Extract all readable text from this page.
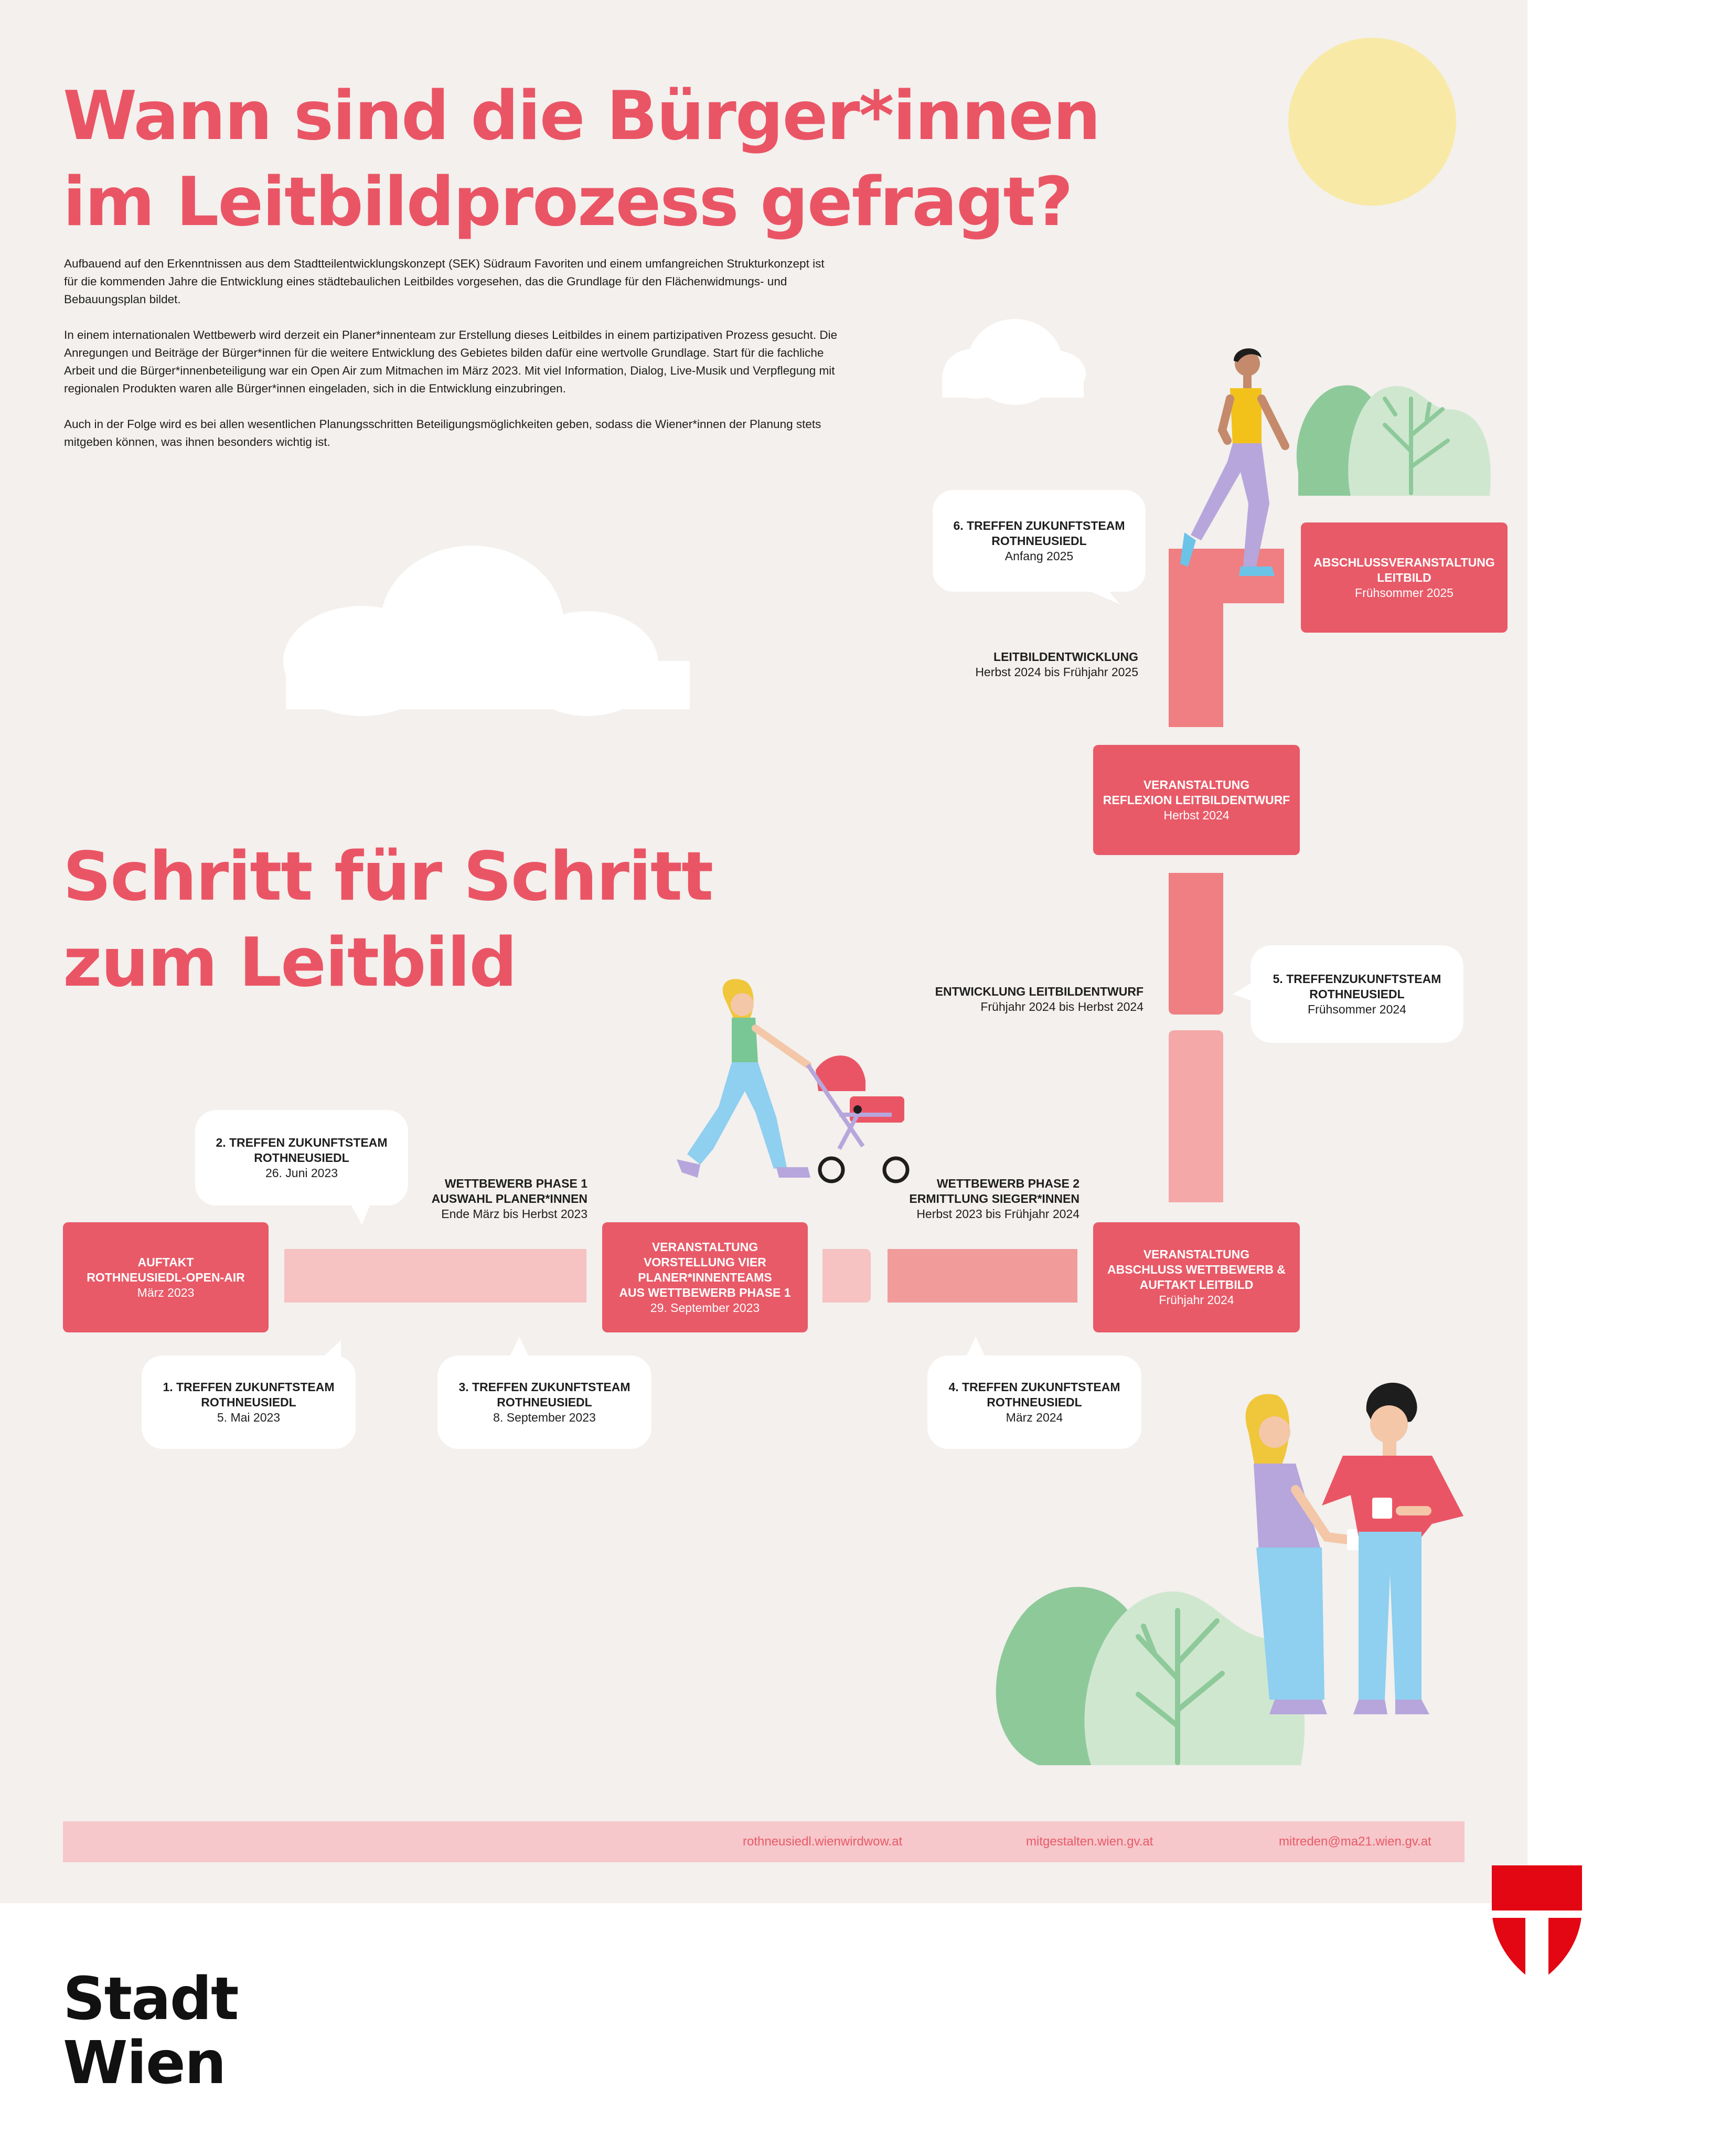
Wann sind die Bürger*innen
im Leitbildprozess gefragt?

Aufbauend auf den Erkenntnissen aus dem Stadtteilentwicklungskonzept (SEK) Südraum Favoriten und einem umfangreichen Strukturkonzept ist für die kommenden Jahre die Entwicklung eines städtebaulichen Leitbildes vorgesehen, das die Grundlage für den Flächenwidmungs- und Bebauungsplan bildet.

In einem internationalen Wettbewerb wird derzeit ein Planer*innenteam zur Erstellung dieses Leitbildes in einem partizipativen Prozess gesucht. Die Anregungen und Beiträge der Bürger*innen für die weitere Entwicklung des Gebietes bilden dafür eine wertvolle Grundlage. Start für die fachliche Arbeit und die Bürger*innenbeteiligung war ein Open Air zum Mitmachen im März 2023. Mit viel Information, Dialog, Live-Musik und Verpflegung mit regionalen Produkten waren alle Bürger*innen eingeladen, sich in die Entwicklung einzubringen.

Auch in der Folge wird es bei allen wesentlichen Planungsschritten Beteiligungsmöglichkeiten geben, sodass die Wiener*innen der Planung stets mitgeben können, was ihnen besonders wichtig ist.

Schritt für Schritt
zum Leitbild
AUFTAKT
ROTHNEUSIEDL-OPEN-AIR
März 2023
VERANSTALTUNG
VORSTELLUNG VIER
PLANER*INNENTEAMS
AUS WETTBEWERB PHASE 1
29. September 2023
VERANSTALTUNG
ABSCHLUSS WETTBEWERB &
AUFTAKT LEITBILD
Frühjahr 2024
VERANSTALTUNG
REFLEXION LEITBILDENTWURF
Herbst 2024
ABSCHLUSSVERANSTALTUNG
LEITBILD
Frühsommer 2025
1. TREFFEN ZUKUNFTSTEAM
ROTHNEUSIEDL
5. Mai 2023
2. TREFFEN ZUKUNFTSTEAM
ROTHNEUSIEDL
26. Juni 2023
3. TREFFEN ZUKUNFTSTEAM
ROTHNEUSIEDL
8. September 2023
4. TREFFEN ZUKUNFTSTEAM
ROTHNEUSIEDL
März 2024
5. TREFFENZUKUNFTSTEAM
ROTHNEUSIEDL
Frühsommer 2024
6. TREFFEN ZUKUNFTSTEAM
ROTHNEUSIEDL
Anfang 2025
WETTBEWERB PHASE 1
AUSWAHL PLANER*INNEN
Ende März bis Herbst 2023
WETTBEWERB PHASE 2
ERMITTLUNG SIEGER*INNEN
Herbst 2023 bis Frühjahr 2024
ENTWICKLUNG LEITBILDENTWURF
Frühjahr 2024 bis Herbst 2024
LEITBILDENTWICKLUNG
Herbst 2024 bis Frühjahr 2025
rothneusiedl.wienwirdwow.at	mitgestalten.wien.gv.at	mitreden@ma21.wien.gv.at
Stadt
Wien
